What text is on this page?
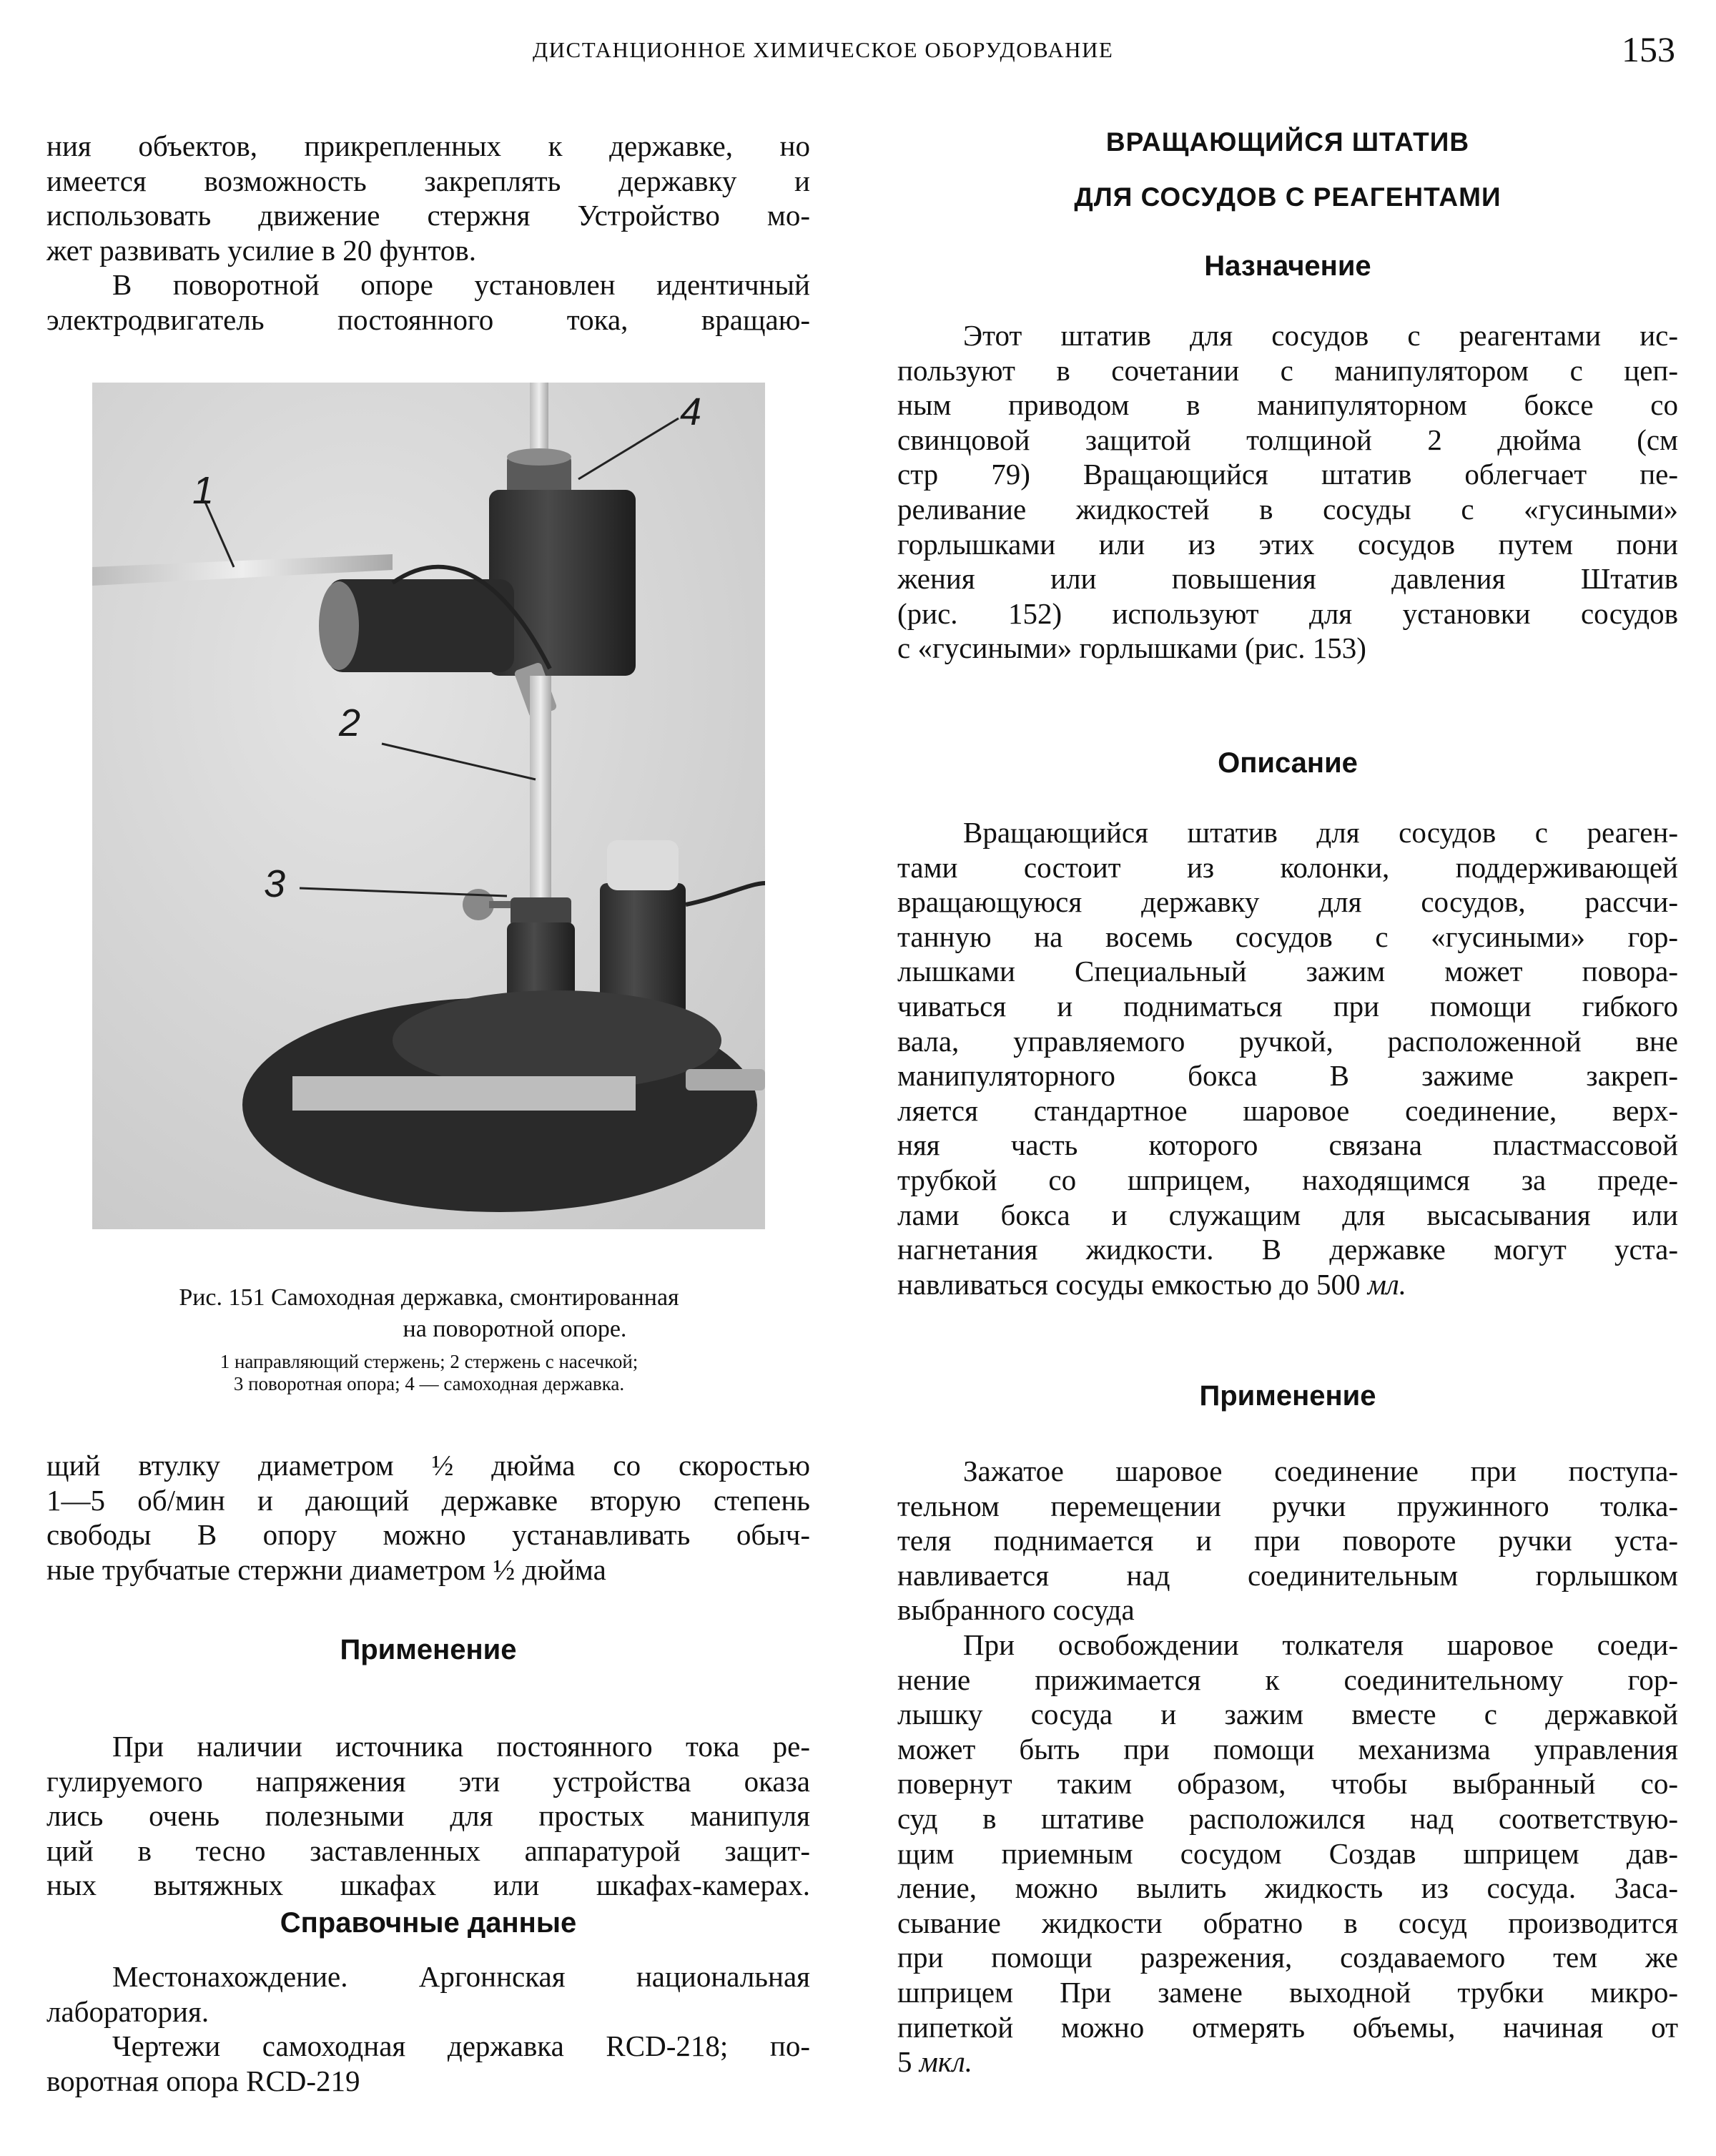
ДИСТАНЦИОННОЕ ХИМИЧЕСКОЕ ОБОРУДОВАНИЕ	153
ния объектов, прикрепленных к державке, но
имеется возможность закреплять державку и
использовать движение стержня Устройство мо-
жет развивать усилие в 20 фунтов.
В поворотной опоре установлен идентичный
электродвигатель постоянного тока, вращаю-
1
2
3
4
Рис. 151 Самоходная державка, смонтированная
на поворотной опоре.
1 направляющий стержень; 2 стержень с насечкой;
3 поворотная опора; 4 — самоходная державка.
щий втулку диаметром ½ дюйма со скоростью
1—5 об/мин и дающий державке вторую степень
свободы В опору можно устанавливать обыч-
ные трубчатые стержни диаметром ½ дюйма
Применение
При наличии источника постоянного тока ре-
гулируемого напряжения эти устройства оказа
лись очень полезными для простых манипуля
ций в тесно заставленных аппаратурой защит-
ных вытяжных шкафах или шкафах-камерах.
Справочные данные
Местонахождение. Аргоннская национальная
лаборатория.
Чертежи самоходная державка RCD-218; по-
воротная опора RCD-219
ВРАЩАЮЩИЙСЯ ШТАТИВ
ДЛЯ СОСУДОВ С РЕАГЕНТАМИ
Назначение
Этот штатив для сосудов с реагентами ис-
пользуют в сочетании с манипулятором с цеп-
ным приводом в манипуляторном боксе со
свинцовой защитой толщиной 2 дюйма (см
стр 79) Вращающийся штатив облегчает пе-
реливание жидкостей в сосуды с «гусиными»
горлышками или из этих сосудов путем пони
жения или повышения давления Штатив
(рис. 152) используют для установки сосудов
с «гусиными» горлышками (рис. 153)
Описание
Вращающийся штатив для сосудов с реаген-
тами состоит из колонки, поддерживающей
вращающуюся державку для сосудов, рассчи-
танную на восемь сосудов с «гусиными» гор-
лышками Специальный зажим может повора-
чиваться и подниматься при помощи гибкого
вала, управляемого ручкой, расположенной вне
манипуляторного бокса В зажиме закреп-
ляется стандартное шаровое соединение, верх-
няя часть которого связана пластмассовой
трубкой со шприцем, находящимся за преде-
лами бокса и служащим для высасывания или
нагнетания жидкости. В державке могут уста-
навливаться сосуды емкостью до 500 мл.
Применение
Зажатое шаровое соединение при поступа-
тельном перемещении ручки пружинного толка-
теля поднимается и при повороте ручки уста-
навливается над соединительным горлышком
выбранного сосуда
При освобождении толкателя шаровое соеди-
нение прижимается к соединительному гор-
лышку сосуда и зажим вместе с державкой
может быть при помощи механизма управления
повернут таким образом, чтобы выбранный со-
суд в штативе расположился над соответствую-
щим приемным сосудом Создав шприцем дав-
ление, можно вылить жидкость из сосуда. Заса-
сывание жидкости обратно в сосуд производится
при помощи разрежения, создаваемого тем же
шприцем При замене выходной трубки микро-
пипеткой можно отмерять объемы, начиная от
5 мкл.
